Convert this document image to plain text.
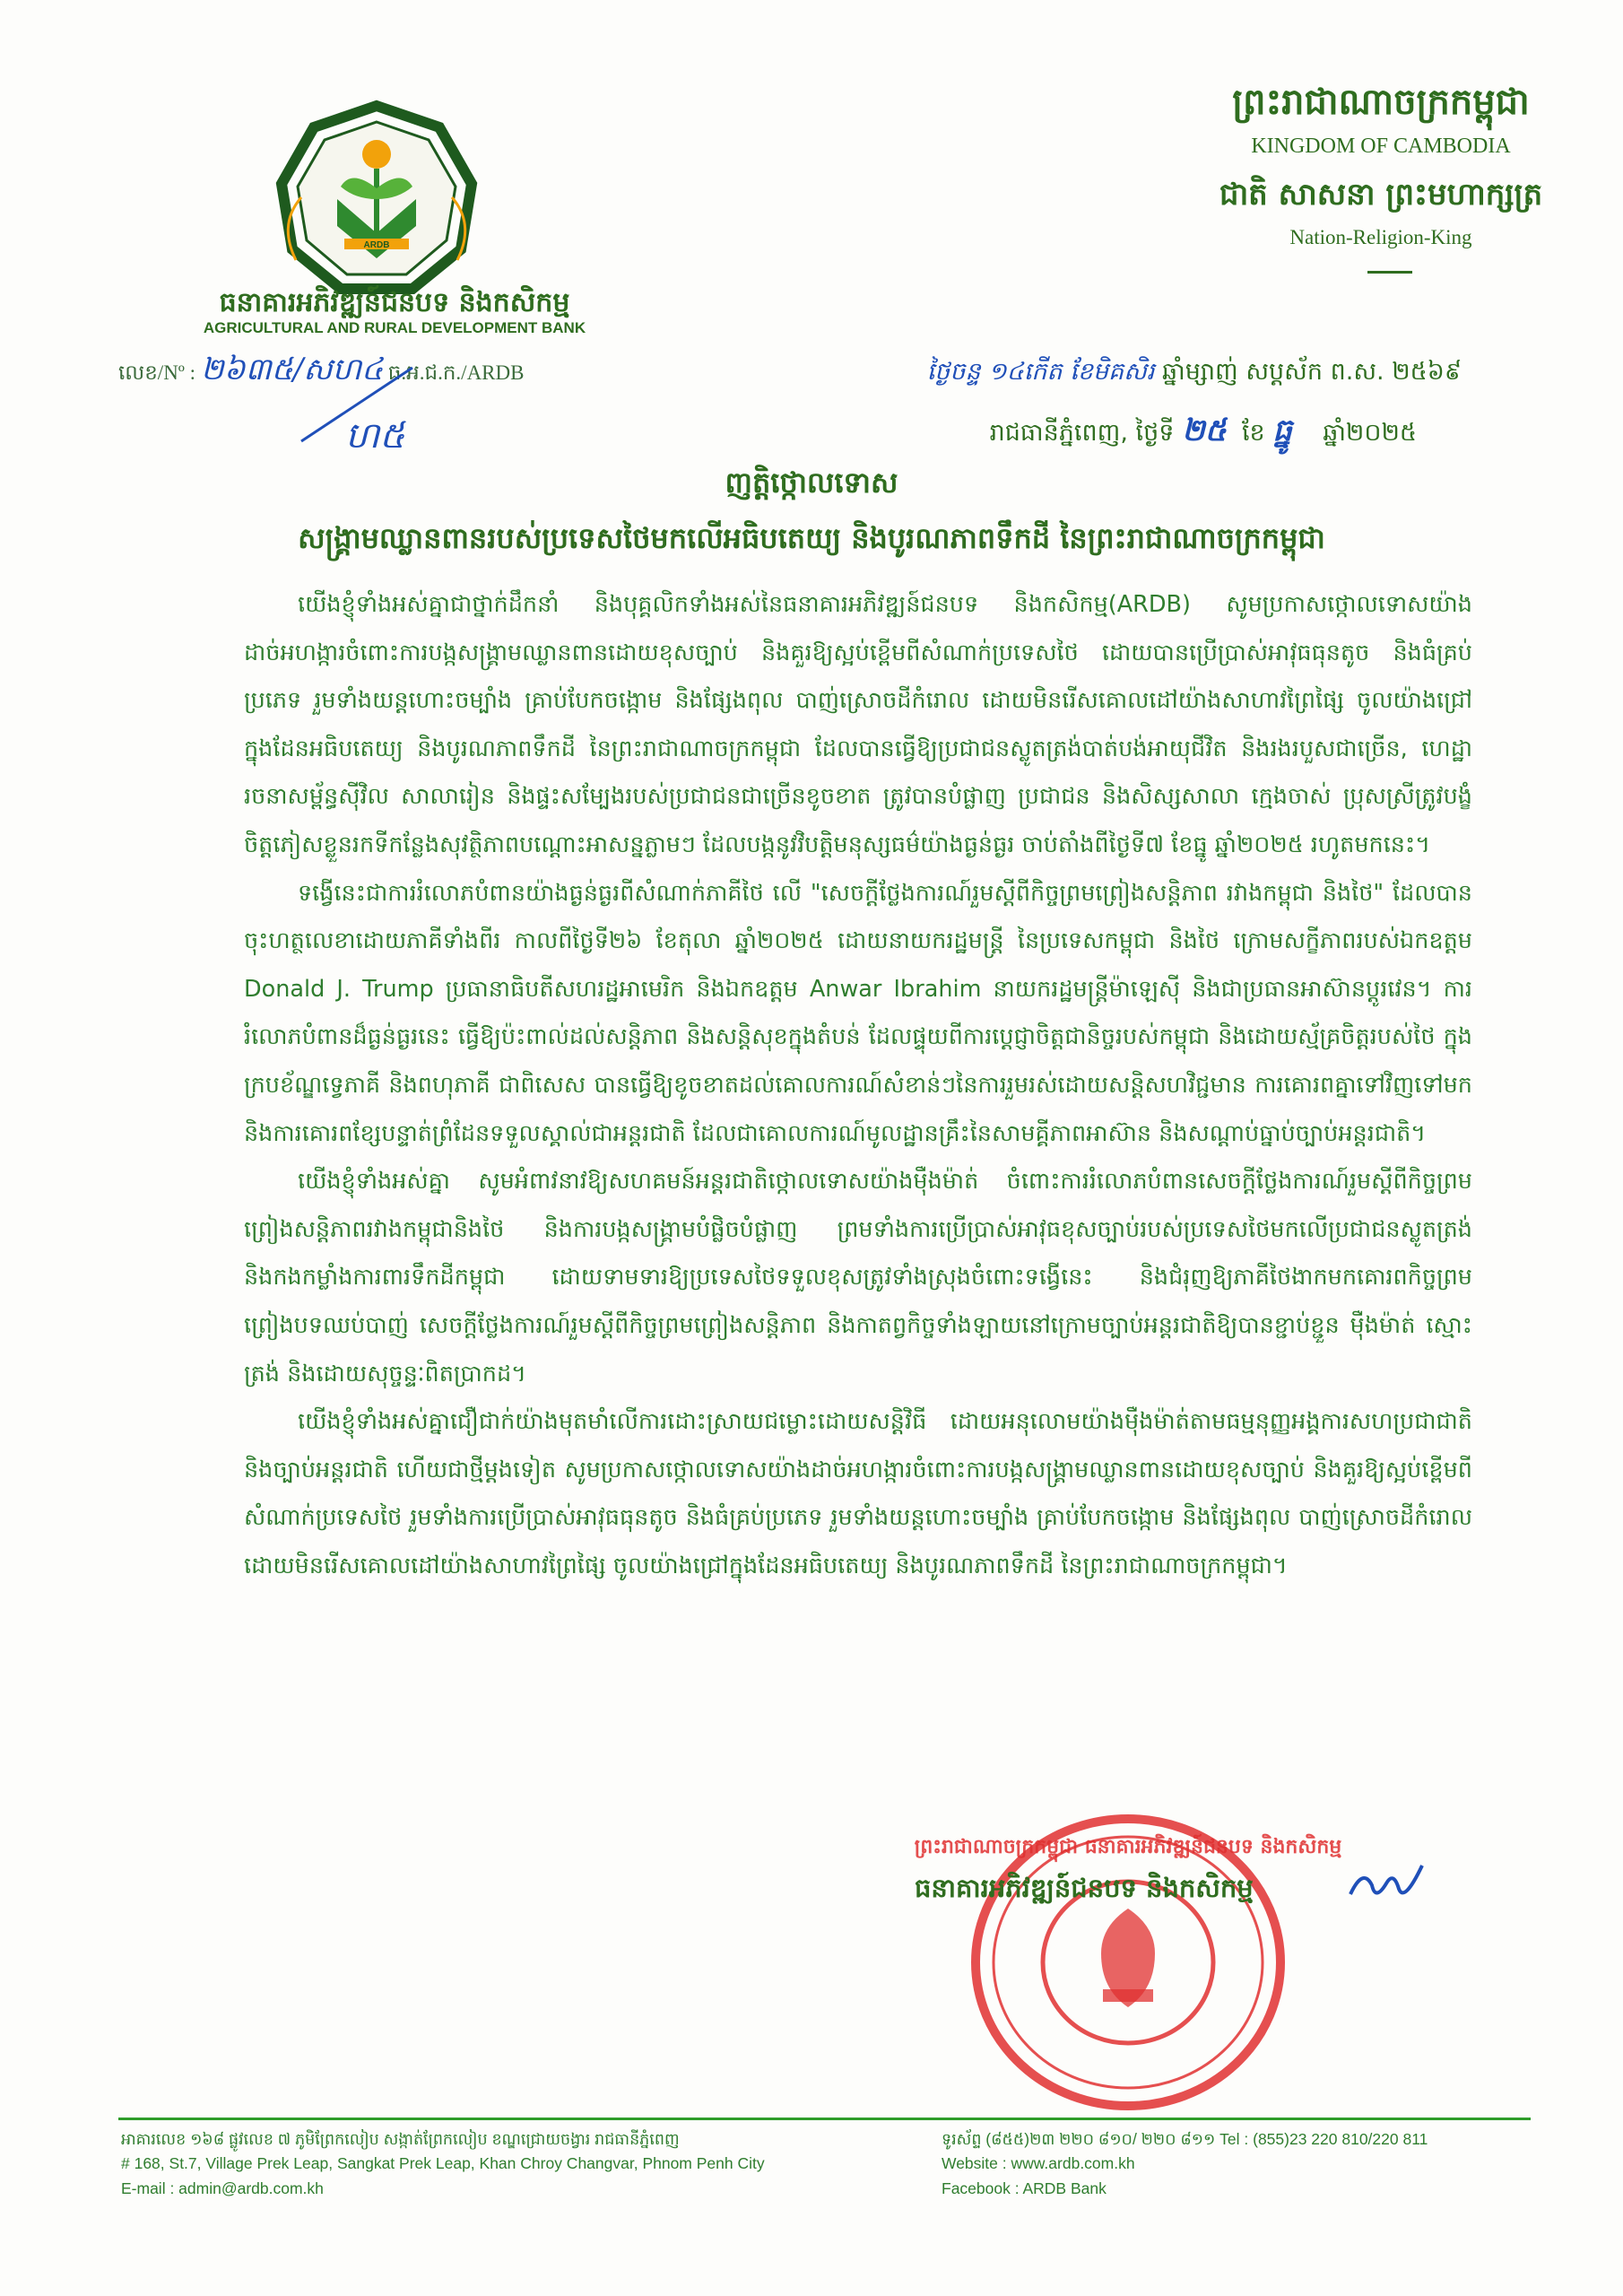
ARDB
ធនាគារអភិវឌ្ឍន៍ជនបទ និងកសិកម្ម
AGRICULTURAL AND RURAL DEVELOPMENT BANK
លេខ/Nº : ២៦៣៥/សហ៤ ធ.អ.ជ.ក./ARDB
ហ៥
ព្រះរាជាណាចក្រកម្ពុជា
KINGDOM OF CAMBODIA
ជាតិ សាសនា ព្រះមហាក្សត្រ
Nation-Religion-King
ថ្ងៃចន្ទ ១៤កើត ខែមិគសិរ ឆ្នាំម្សាញ់ សប្តស័ក ព.ស. ២៥៦៩
រាជធានីភ្នំពេញ, ថ្ងៃទី ២៥ ខែ ធ្នូ ឆ្នាំ២០២៥
ញត្តិថ្កោលទោស
សង្គ្រាមឈ្លានពានរបស់ប្រទេសថៃមកលើអធិបតេយ្យ និងបូរណភាពទឹកដី នៃព្រះរាជាណាចក្រកម្ពុជា

យើងខ្ញុំទាំងអស់គ្នាជាថ្នាក់ដឹកនាំ និងបុគ្គលិកទាំងអស់នៃធនាគារអភិវឌ្ឍន៍ជនបទ និងកសិកម្ម(ARDB) សូមប្រកាសថ្កោលទោសយ៉ាងដាច់អហង្ការចំពោះការបង្កសង្គ្រាមឈ្លានពានដោយខុសច្បាប់ និងគួរឱ្យស្អប់ខ្ពើមពីសំណាក់ប្រទេសថៃ ដោយបានប្រើប្រាស់អាវុធធុនតូច និងធំគ្រប់ប្រភេទ រួមទាំងយន្តហោះចម្បាំង គ្រាប់បែកចង្កោម និងផ្សែងពុល បាញ់ស្រោចដីកំរោល ដោយមិនរើសគោលដៅយ៉ាងសាហាវព្រៃផ្សៃ ចូលយ៉ាងជ្រៅក្នុងដែនអធិបតេយ្យ និងបូរណភាពទឹកដី នៃព្រះរាជាណាចក្រកម្ពុជា ដែលបានធ្វើឱ្យប្រជាជនស្លូតត្រង់បាត់បង់អាយុជីវិត និងរងរបួសជាច្រើន, ហេដ្ឋារចនាសម្ព័ន្ធស៊ីវិល សាលារៀន និងផ្ទះសម្បែងរបស់ប្រជាជនជាច្រើនខូចខាត ត្រូវបានបំផ្លាញ ប្រជាជន និងសិស្សសាលា ក្មេងចាស់ ប្រុសស្រីត្រូវបង្ខំចិត្តភៀសខ្លួនរកទីកន្លែងសុវត្ថិភាពបណ្តោះអាសន្នភ្លាមៗ ដែលបង្កនូវវិបត្តិមនុស្សធម៌យ៉ាងធ្ងន់ធ្ងរ ចាប់តាំងពីថ្ងៃទី៧ ខែធ្នូ ឆ្នាំ២០២៥ រហូតមកនេះ។

ទង្វើនេះជាការរំលោភបំពានយ៉ាងធ្ងន់ធ្ងរពីសំណាក់ភាគីថៃ លើ "សេចក្តីថ្លែងការណ៍រួមស្តីពីកិច្ចព្រមព្រៀងសន្តិភាព រវាងកម្ពុជា និងថៃ" ដែលបានចុះហត្ថលេខាដោយភាគីទាំងពីរ កាលពីថ្ងៃទី២៦ ខែតុលា ឆ្នាំ២០២៥ ដោយនាយករដ្ឋមន្ត្រី នៃប្រទេសកម្ពុជា និងថៃ ក្រោមសក្ខីភាពរបស់ឯកឧត្តម Donald J. Trump ប្រធានាធិបតីសហរដ្ឋអាមេរិក និងឯកឧត្តម Anwar Ibrahim នាយករដ្ឋមន្ត្រីម៉ាឡេស៊ី និងជាប្រធានអាស៊ានប្តូរវេន។ ការរំលោភបំពានដ៏ធ្ងន់ធ្ងរនេះ ធ្វើឱ្យប៉ះពាល់ដល់សន្តិភាព និងសន្តិសុខក្នុងតំបន់ ដែលផ្ទុយពីការប្តេជ្ញាចិត្តជានិច្ចរបស់កម្ពុជា និងដោយស្ម័គ្រចិត្តរបស់ថៃ ក្នុងក្របខ័ណ្ឌទ្វេភាគី និងពហុភាគី ជាពិសេស បានធ្វើឱ្យខូចខាតដល់គោលការណ៍សំខាន់ៗនៃការរួមរស់ដោយសន្តិសហវិជ្ជមាន ការគោរពគ្នាទៅវិញទៅមក និងការគោរពខ្សែបន្ទាត់ព្រំដែនទទួលស្គាល់ជាអន្តរជាតិ ដែលជាគោលការណ៍មូលដ្ឋានគ្រឹះនៃសាមគ្គីភាពអាស៊ាន និងសណ្តាប់ធ្នាប់ច្បាប់អន្តរជាតិ។

យើងខ្ញុំទាំងអស់គ្នា សូមអំពាវនាវឱ្យសហគមន៍អន្តរជាតិថ្កោលទោសយ៉ាងម៉ឺងម៉ាត់ ចំពោះការរំលោភបំពានសេចក្តីថ្លែងការណ៍រួមស្តីពីកិច្ចព្រមព្រៀងសន្តិភាពរវាងកម្ពុជានិងថៃ និងការបង្កសង្គ្រាមបំផ្លិចបំផ្លាញ ព្រមទាំងការប្រើប្រាស់អាវុធខុសច្បាប់របស់ប្រទេសថៃមកលើប្រជាជនស្លូតត្រង់ និងកងកម្លាំងការពារទឹកដីកម្ពុជា ដោយទាមទារឱ្យប្រទេសថៃទទួលខុសត្រូវទាំងស្រុងចំពោះទង្វើនេះ និងជំរុញឱ្យភាគីថៃងាកមកគោរពកិច្ចព្រមព្រៀងបទឈប់បាញ់ សេចក្តីថ្លែងការណ៍រួមស្តីពីកិច្ចព្រមព្រៀងសន្តិភាព និងកាតព្វកិច្ចទាំងឡាយនៅក្រោមច្បាប់អន្តរជាតិឱ្យបានខ្ជាប់ខ្ជួន ម៉ឺងម៉ាត់ ស្មោះត្រង់ និងដោយសុច្ចន្ទៈពិតប្រាកដ។

យើងខ្ញុំទាំងអស់គ្នាជឿជាក់យ៉ាងមុតមាំលើការដោះស្រាយជម្លោះដោយសន្តិវិធី ដោយអនុលោមយ៉ាងម៉ឺងម៉ាត់តាមធម្មនុញ្ញអង្គការសហប្រជាជាតិ និងច្បាប់អន្តរជាតិ ហើយជាថ្មីម្តងទៀត សូមប្រកាសថ្កោលទោសយ៉ាងដាច់អហង្ការចំពោះការបង្កសង្គ្រាមឈ្លានពានដោយខុសច្បាប់ និងគួរឱ្យស្អប់ខ្ពើមពីសំណាក់ប្រទេសថៃ រួមទាំងការប្រើប្រាស់អាវុធធុនតូច និងធំគ្រប់ប្រភេទ រួមទាំងយន្តហោះចម្បាំង គ្រាប់បែកចង្កោម និងផ្សែងពុល បាញ់ស្រោចដីកំរោល ដោយមិនរើសគោលដៅយ៉ាងសាហាវព្រៃផ្សៃ ចូលយ៉ាងជ្រៅក្នុងដែនអធិបតេយ្យ និងបូរណភាពទឹកដី នៃព្រះរាជាណាចក្រកម្ពុជា។

ព្រះរាជាណាចក្រកម្ពុជា ធនាគារអភិវឌ្ឍន៍ជនបទ និងកសិកម្ម
ធនាគារអភិវឌ្ឍន៍ជនបទ និងកសិកម្ម
អាគារលេខ ១៦៨ ផ្លូវលេខ ៧ ភូមិព្រែកលៀប សង្កាត់ព្រែកលៀប ខណ្ឌជ្រោយចង្វារ រាជធានីភ្នំពេញ
# 168, St.7, Village Prek Leap, Sangkat Prek Leap, Khan Chroy Changvar, Phnom Penh City
E-mail : admin@ardb.com.kh
ទូរស័ព្ទ (៨៥៥)២៣ ២២០ ៨១០/ ២២០ ៨១១ Tel : (855)23 220 810/220 811
Website : www.ardb.com.kh
Facebook : ARDB Bank
